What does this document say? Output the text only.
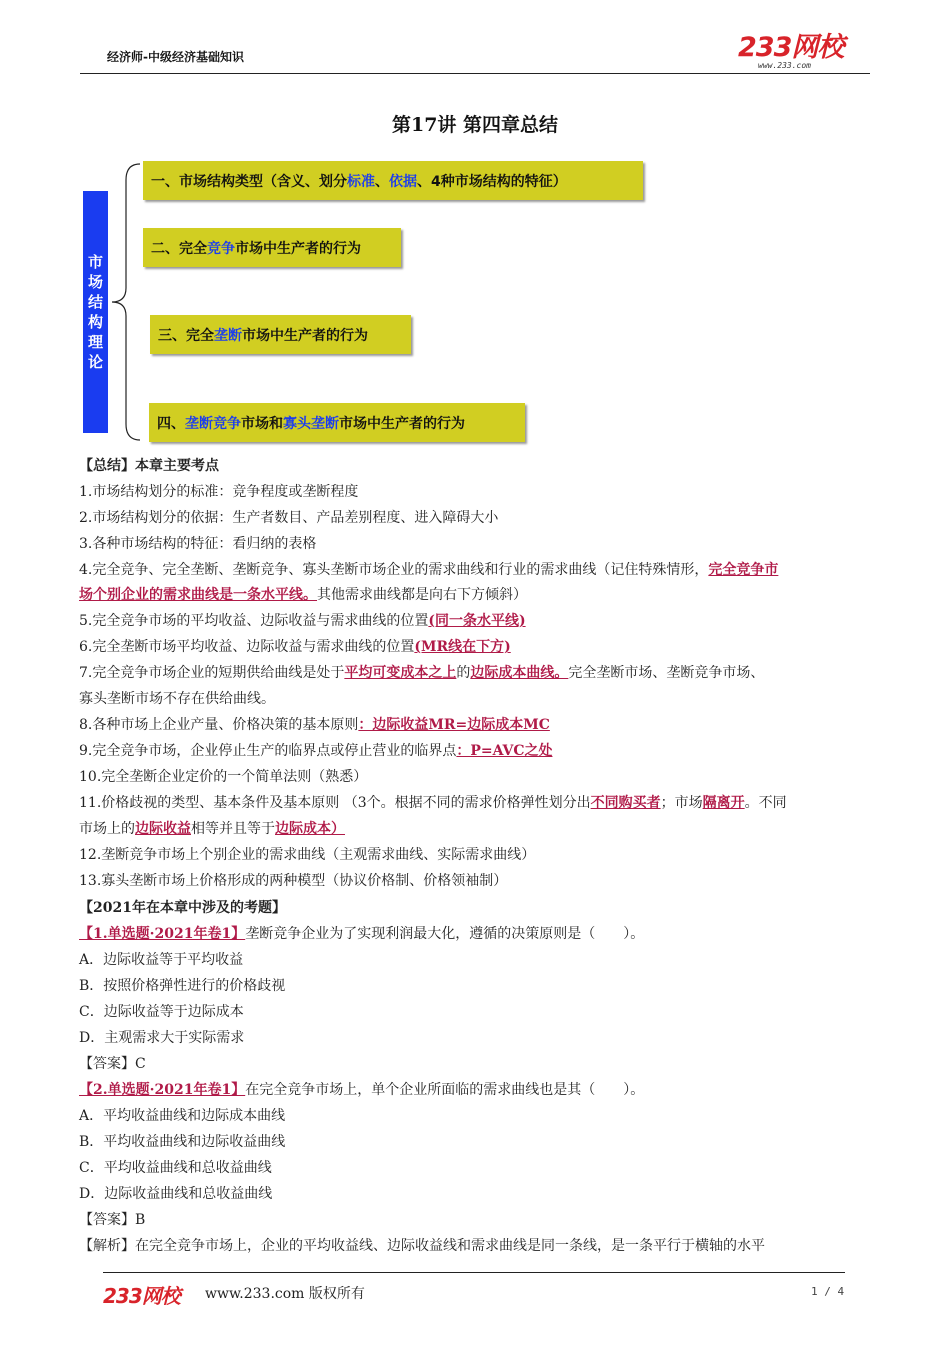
经济师-中级经济基础知识	233网校
www.233.com
第17讲 第四章总结
市
场
结
构
理
论
一、市场结构类型（含义、划分 标准 、 依据 、4种市场结构的特征）
二、完全 竞争 市场中生产者的行为
三、完全 垄断 市场中生产者的行为
四、 垄断竞争 市场和 寡头垄断 市场中生产者的行为
【总结】本章主要考点
1.市场结构划分的标准：竞争程度或垄断程度
2.市场结构划分的依据：生产者数目、产品差别程度、进入障碍大小
3.各种市场结构的特征：看归纳的表格
4.完全竞争、完全垄断、垄断竞争、寡头垄断市场企业的需求曲线和行业的需求曲线（记住特殊情形，完全竞争市
场个别企业的需求曲线是一条水平线。其他需求曲线都是向右下方倾斜）
5.完全竞争市场的平均收益、边际收益与需求曲线的位置(同一条水平线)
6.完全垄断市场平均收益、边际收益与需求曲线的位置(MR线在下方)
7.完全竞争市场企业的短期供给曲线是处于平均可变成本之上的边际成本曲线。完全垄断市场、垄断竞争市场、
寡头垄断市场不存在供给曲线。
8.各种市场上企业产量、价格决策的基本原则：边际收益MR=边际成本MC
9.完全竞争市场，企业停止生产的临界点或停止营业的临界点：P=AVC之处
10.完全垄断企业定价的一个简单法则（熟悉）
11.价格歧视的类型、基本条件及基本原则 （3个。根据不同的需求价格弹性划分出不同购买者；市场隔离开。不同
市场上的边际收益相等并且等于边际成本）
12.垄断竞争市场上个别企业的需求曲线（主观需求曲线、实际需求曲线）
13.寡头垄断市场上价格形成的两种模型（协议价格制、价格领袖制）
【2021年在本章中涉及的考题】
【1.单选题·2021年卷1】垄断竞争企业为了实现利润最大化，遵循的决策原则是（　　）。
A．边际收益等于平均收益
B．按照价格弹性进行的价格歧视
C．边际收益等于边际成本
D．主观需求大于实际需求
【答案】C
【2.单选题·2021年卷1】在完全竞争市场上，单个企业所面临的需求曲线也是其（　　）。
A．平均收益曲线和边际成本曲线
B．平均收益曲线和边际收益曲线
C．平均收益曲线和总收益曲线
D．边际收益曲线和总收益曲线
【答案】B
【解析】在完全竞争市场上，企业的平均收益线、边际收益线和需求曲线是同一条线，是一条平行于横轴的水平
233网校 www.233.com 版权所有	1 / 4
